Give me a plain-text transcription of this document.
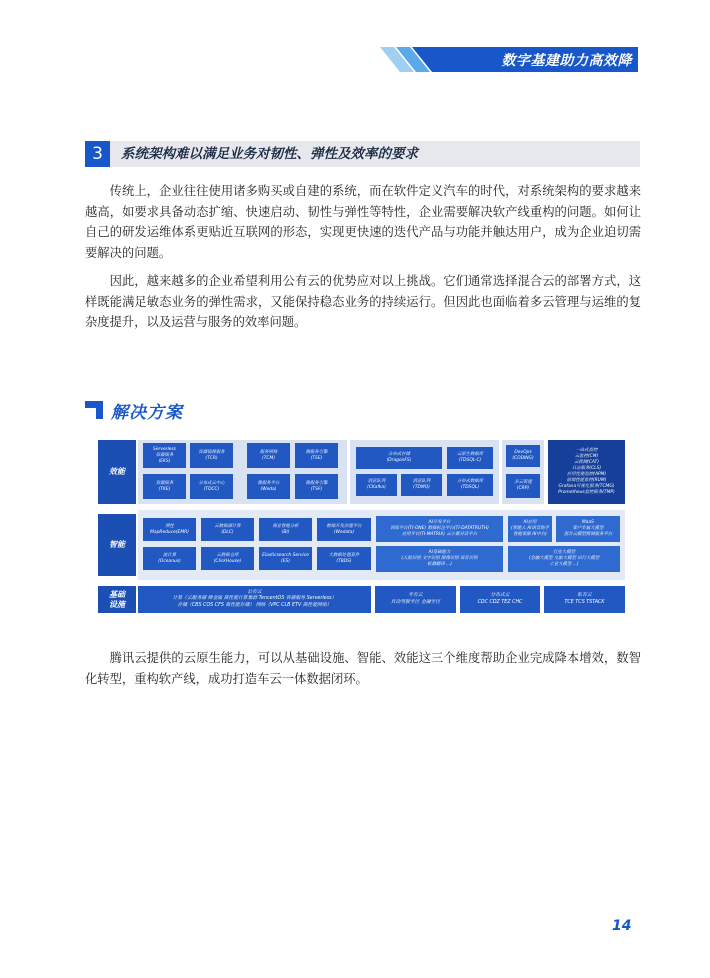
数字基建助力高效降本
3	系统架构难以满足业务对韧性、弹性及效率的要求

传统上，企业往往使用诸多购买或自建的系统，而在软件定义汽车的时代，对系统架构的要求越来越高，如要求具备动态扩缩、快速启动、韧性与弹性等特性，企业需要解决软产线重构的问题。如何让自己的研发运维体系更贴近互联网的形态，实现更快速的迭代产品与功能并触达用户，成为企业迫切需要解决的问题。

因此，越来越多的企业希望利用公有云的优势应对以上挑战。它们通常选择混合云的部署方式，这样既能满足敏态业务的弹性需求，又能保持稳态业务的持续运行。但因此也面临着多云管理与运维的复杂度提升，以及运营与服务的效率问题。

解决方案
效能
Serverless
容器服务
(EKS)
容器镜像服务
(TCR)
服务网格
(TCM)
微服务引擎
(TSE)
容器服务
(TKE)
分布式云中心
(TDCC)
微服务平台
(Weda)
微服务引擎
(TSF)
分布式存储
(DragonFS)
云原生数据库
(TDSQL-C)
消息队列
(CKafka)
消息队列
(TDMQ)
分布式数据库
(TDSQL)
DevOps
(CODING)
多云管理
(CRP)
一站式监控
云监控(CM)
云拨测(CAT)
日志服务(CLS)
应用性能监控(APM)
前端性能监控(RUM)
Grafana可视化服务(TCMG)
Prometheus监控服务(TMP)
智能
弹性
MapReduce(EMR)
云数据湖计算
(DLC)
商业智能分析
(BI)
数据开发治理平台
(Wedata)
流计算
(Oceanus)
云数据仓库
(ClickHouse)
Elasticsearch Service
(ES)
大数据处理套件
(TBDS)
AI开发平台
训练平台(TI-ONE) 数据标注平台(TI-DATATRUTH)
应用平台(TI-MATRIX) 云小微对话平台
AI应用
(智能人 AI语音助手
智能客服 AI中台)
AI基础能力
(人脸识别 文字识别 图像识别 语音识别
机器翻译 ...)
行业大模型
(金融大模型 文旅大模型 出行大模型
工业大模型 ...)
MaaS
客户专属大模型
混合云模型精调服务平台
基础
设施
公有云
计算（云服务器 裸金属 高性能计算集群 TencentOS 容器服务 Serverless）
存储（CBS COS CFS 高性能存储） 网络（VPC CLB ETV 高性能网络）
专有云
自动驾驶专区 金融专区
分布式云
CDC CDZ TEZ CHC
私有云
TCE TCS TSTACK

腾讯云提供的云原生能力，可以从基础设施、智能、效能这三个维度帮助企业完成降本增效，数智化转型，重构软产线，成功打造车云一体数据闭环。

14
